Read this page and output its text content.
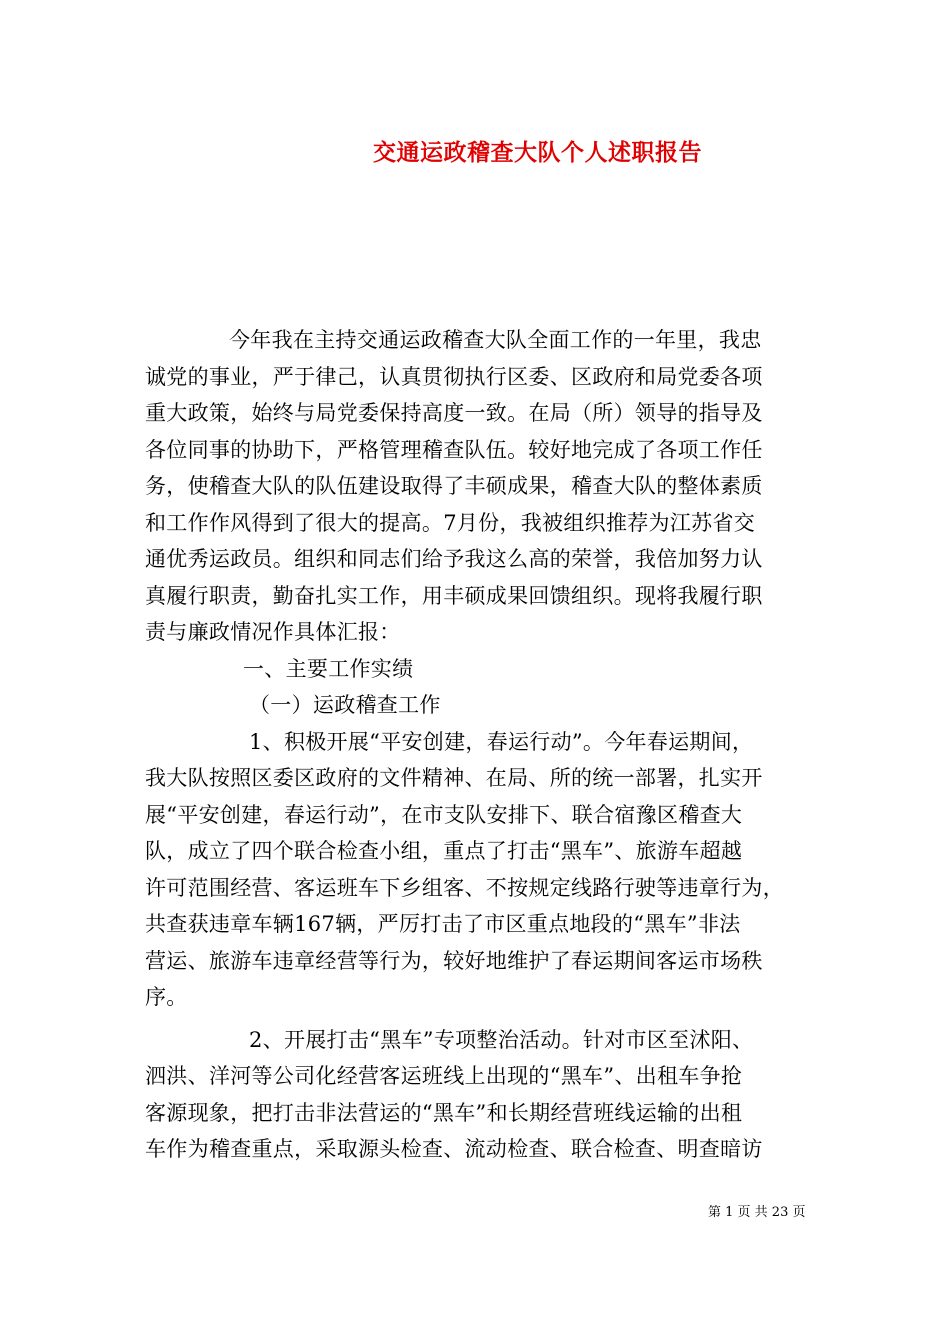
交通运政稽查大队个人述职报告
今年我在主持交通运政稽查大队全面工作的一年里，我忠
诚党的事业，严于律己，认真贯彻执行区委、区政府和局党委各项
重大政策，始终与局党委保持高度一致。在局（所）领导的指导及
各位同事的协助下，严格管理稽查队伍。较好地完成了各项工作任
务，使稽查大队的队伍建设取得了丰硕成果，稽查大队的整体素质
和工作作风得到了很大的提高。7月份，我被组织推荐为江苏省交
通优秀运政员。组织和同志们给予我这么高的荣誉，我倍加努力认
真履行职责，勤奋扎实工作，用丰硕成果回馈组织。现将我履行职
责与廉政情况作具体汇报：
一、主要工作实绩
（一）运政稽查工作
1、积极开展“平安创建，春运行动”。今年春运期间，
我大队按照区委区政府的文件精神、在局、所的统一部署，扎实开
展“平安创建，春运行动”，在市支队安排下、联合宿豫区稽查大
队，成立了四个联合检查小组，重点了打击“黑车”、旅游车超越
许可范围经营、客运班车下乡组客、不按规定线路行驶等违章行为，
共查获违章车辆167辆，严厉打击了市区重点地段的“黑车”非法
营运、旅游车违章经营等行为，较好地维护了春运期间客运市场秩
序。
2、开展打击“黑车”专项整治活动。针对市区至沭阳、
泗洪、洋河等公司化经营客运班线上出现的“黑车”、出租车争抢
客源现象，把打击非法营运的“黑车”和长期经营班线运输的出租
车作为稽查重点，采取源头检查、流动检查、联合检查、明查暗访
第 1 页 共 23 页
